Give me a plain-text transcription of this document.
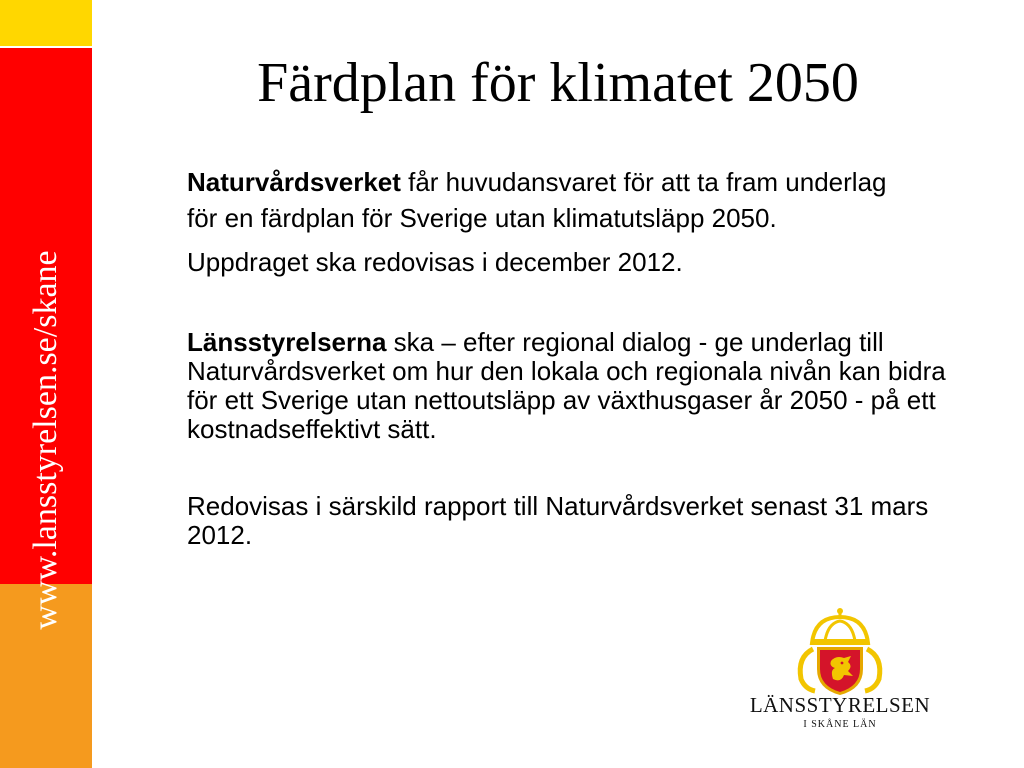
www.lansstyrelsen.se/skane
Färdplan för klimatet 2050

Naturvårdsverket får huvudansvaret för att ta fram underlag för en färdplan för Sverige utan klimatutsläpp 2050.

Uppdraget ska redovisas i december 2012.

Länsstyrelserna ska – efter regional dialog - ge underlag till Naturvårdsverket om hur den lokala och regionala nivån kan bidra för ett Sverige utan nettoutsläpp av växthusgaser år 2050 - på ett kostnadseffektivt sätt.

Redovisas i särskild rapport till Naturvårdsverket senast 31 mars 2012.

LÄNSSTYRELSEN
I SKÅNE LÄN
